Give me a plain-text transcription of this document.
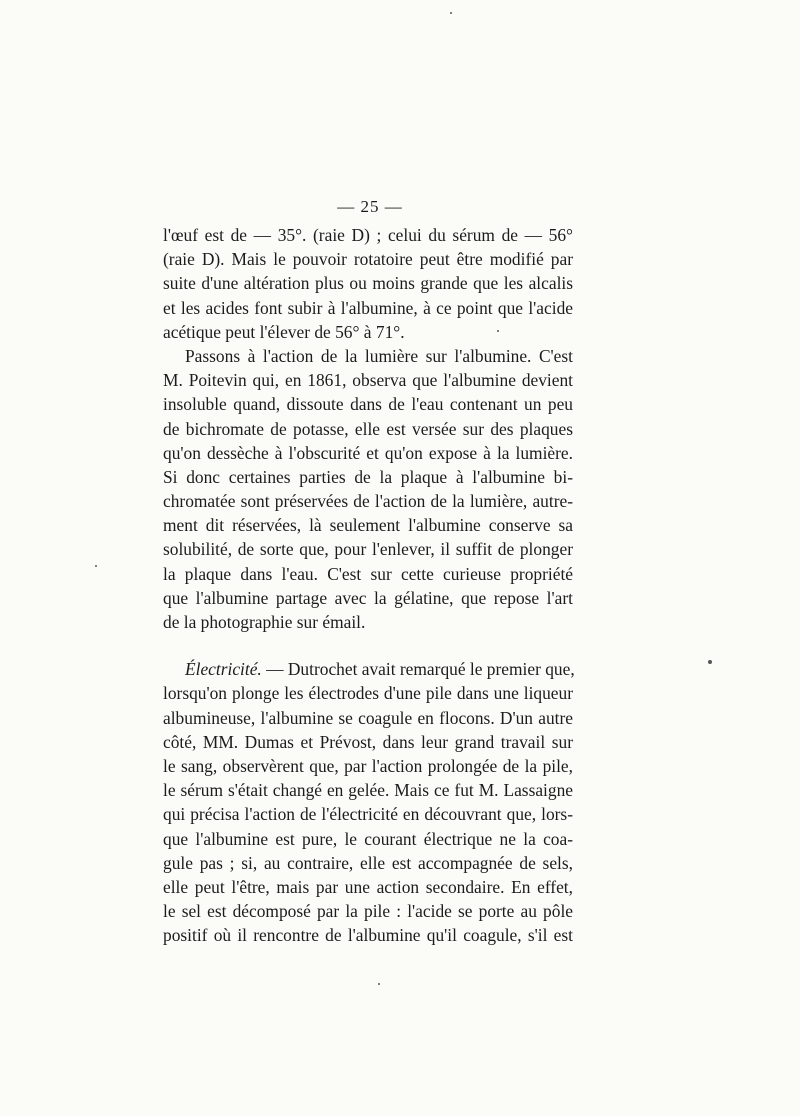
— 25 —
l'œuf est de — 35°. (raie D) ; celui du sérum de — 56°
(raie D). Mais le pouvoir rotatoire peut être modifié par
suite d'une altération plus ou moins grande que les alcalis
et les acides font subir à l'albumine, à ce point que l'acide
acétique peut l'élever de 56° à 71°.
Passons à l'action de la lumière sur l'albumine. C'est
M. Poitevin qui, en 1861, observa que l'albumine devient
insoluble quand, dissoute dans de l'eau contenant un peu
de bichromate de potasse, elle est versée sur des plaques
qu'on dessèche à l'obscurité et qu'on expose à la lumière.
Si donc certaines parties de la plaque à l'albumine bi-
chromatée sont préservées de l'action de la lumière, autre-
ment dit réservées, là seulement l'albumine conserve sa
solubilité, de sorte que, pour l'enlever, il suffit de plonger
la plaque dans l'eau. C'est sur cette curieuse propriété
que l'albumine partage avec la gélatine, que repose l'art
de la photographie sur émail.
Électricité. — Dutrochet avait remarqué le premier que,
lorsqu'on plonge les électrodes d'une pile dans une liqueur
albumineuse, l'albumine se coagule en flocons. D'un autre
côté, MM. Dumas et Prévost, dans leur grand travail sur
le sang, observèrent que, par l'action prolongée de la pile,
le sérum s'était changé en gelée. Mais ce fut M. Lassaigne
qui précisa l'action de l'électricité en découvrant que, lors-
que l'albumine est pure, le courant électrique ne la coa-
gule pas ; si, au contraire, elle est accompagnée de sels,
elle peut l'être, mais par une action secondaire. En effet,
le sel est décomposé par la pile : l'acide se porte au pôle
positif où il rencontre de l'albumine qu'il coagule, s'il est
